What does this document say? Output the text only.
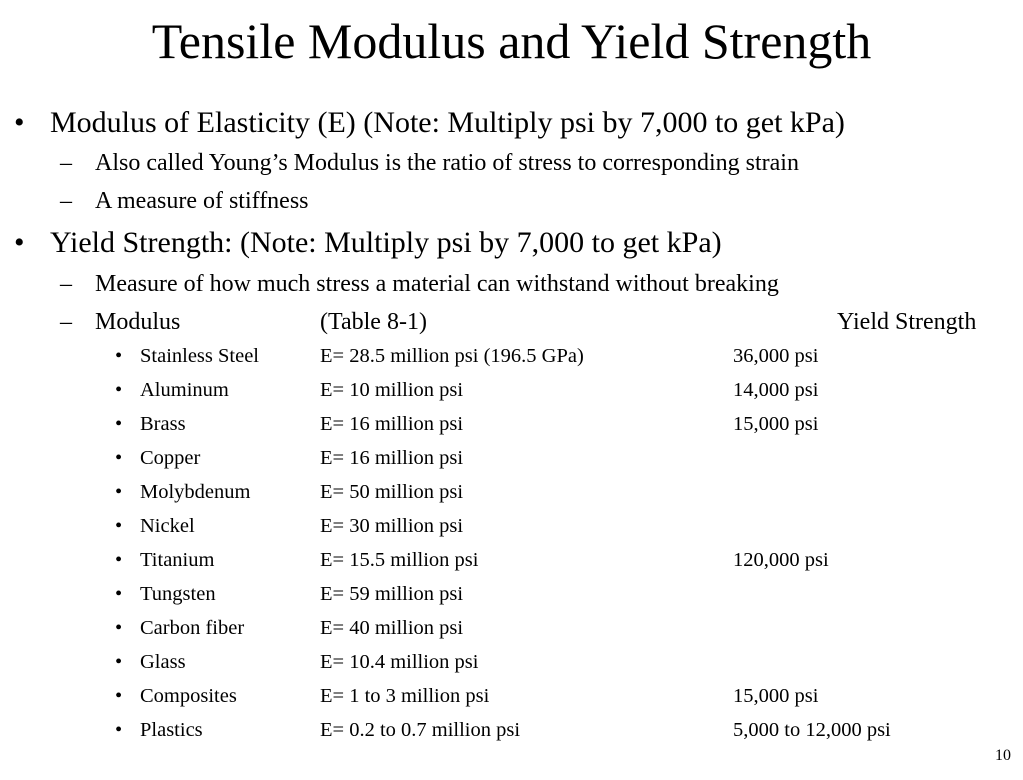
Tensile Modulus and Yield Strength
• Modulus of Elasticity (E) (Note: Multiply psi by 7,000 to get kPa)
– Also called Young’s Modulus is the ratio of stress to corresponding strain
– A measure of stiffness
• Yield Strength: (Note: Multiply psi by 7,000 to get kPa)
– Measure of how much stress a material can withstand without breaking
– Modulus	(Table 8-1)	Yield Strength
• Stainless Steel	E= 28.5 million psi (196.5 GPa)	36,000 psi
• Aluminum	E= 10 million psi	14,000 psi
• Brass	E= 16 million psi	15,000 psi
• Copper	E= 16 million psi
• Molybdenum	E= 50 million psi
• Nickel	E= 30 million psi
• Titanium	E= 15.5 million psi	120,000 psi
• Tungsten	E= 59 million psi
• Carbon fiber	E= 40 million psi
• Glass	E= 10.4 million psi
• Composites	E= 1 to 3 million psi	15,000 psi
• Plastics	E= 0.2 to 0.7 million psi	5,000 to 12,000 psi
10
